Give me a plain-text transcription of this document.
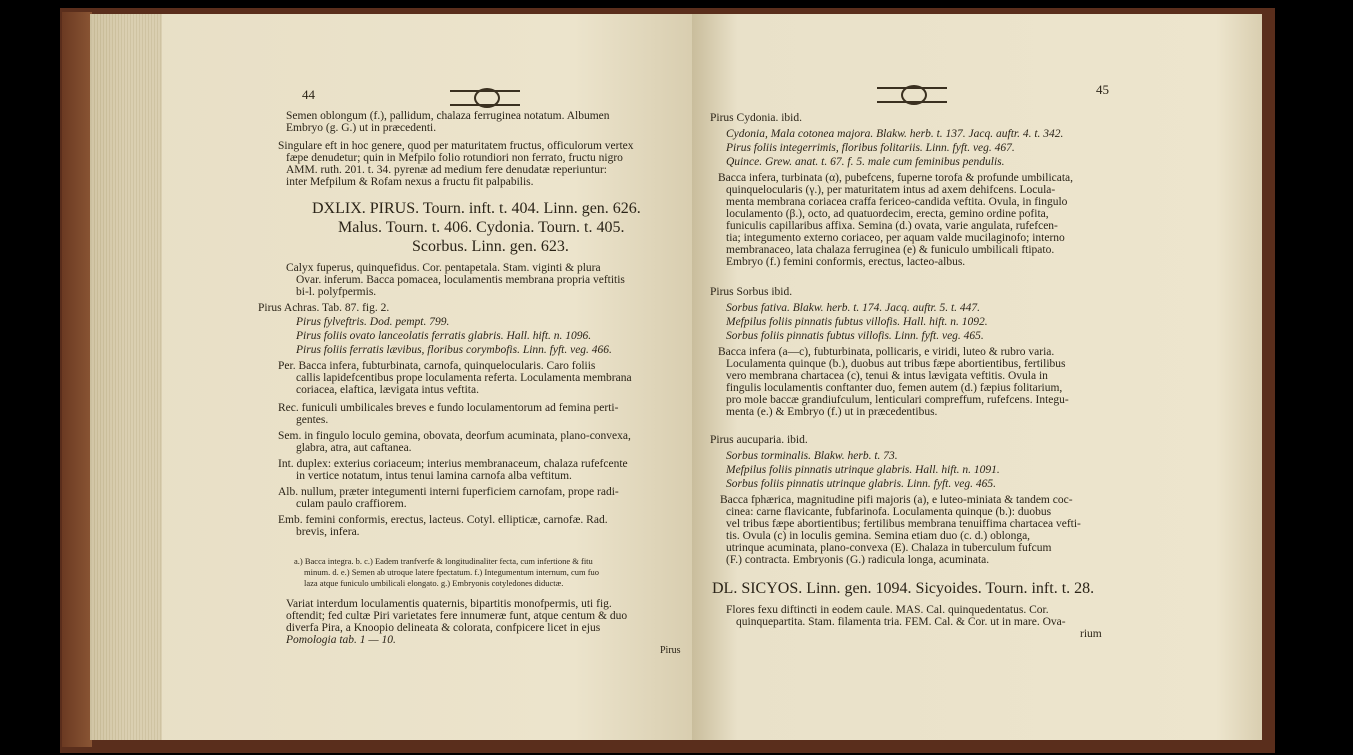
44
Semen oblongum (f.), pallidum, chalaza ferruginea notatum. Albumen
Embryo (g. G.) ut in præcedenti.
Singulare eft in hoc genere, quod per maturitatem fructus, officulorum vertex
fæpe denudetur; quin in Mefpilo folio rotundiori non ferrato, fructu nigro
AMM. ruth. 201. t. 34. pyrenæ ad medium fere denudatæ reperiuntur:
inter Mefpilum & Rofam nexus a fructu fit palpabilis.
DXLIX. PIRUS. Tourn. inft. t. 404. Linn. gen. 626.
Malus. Tourn. t. 406. Cydonia. Tourn. t. 405.
Scorbus. Linn. gen. 623.
Calyx fuperus, quinquefidus. Cor. pentapetala. Stam. viginti & plura
Ovar. inferum. Bacca pomacea, loculamentis membrana propria veftitis
bi-l. polyfpermis.
Pirus Achras. Tab. 87. fig. 2.
Pirus fylveftris. Dod. pempt. 799.
Pirus foliis ovato lanceolatis ferratis glabris. Hall. hift. n. 1096.
Pirus foliis ferratis lævibus, floribus corymbofis. Linn. fyft. veg. 466.
Per. Bacca infera, fubturbinata, carnofa, quinquelocularis. Caro foliis
callis lapidefcentibus prope loculamenta referta. Loculamenta membrana
coriacea, elaftica, lævigata intus veftita.
Rec. funiculi umbilicales breves e fundo loculamentorum ad femina perti-
gentes.
Sem. in fingulo loculo gemina, obovata, deorfum acuminata, plano-convexa,
glabra, atra, aut caftanea.
Int. duplex: exterius coriaceum; interius membranaceum, chalaza rufefcente
in vertice notatum, intus tenui lamina carnofa alba veftitum.
Alb. nullum, præter integumenti interni fuperficiem carnofam, prope radi-
culam paulo craffiorem.
Emb. femini conformis, erectus, lacteus. Cotyl. ellipticæ, carnofæ. Rad.
brevis, infera.
a.) Bacca integra. b. c.) Eadem tranfverfe & longitudinaliter fecta, cum infertione & fitu
minum. d. e.) Semen ab utroque latere fpectatum. f.) Integumentum internum, cum fuo
laza atque funiculo umbilicali elongato. g.) Embryonis cotyledones diductæ.
Variat interdum loculamentis quaternis, bipartitis monofpermis, uti fig.
oftendit; fed cultæ Piri varietates fere innumeræ funt, atque centum & duo
diverfa Pira, a Knoopio delineata & colorata, confpicere licet in ejus
Pomologia tab. 1 — 10.
Pirus
45
Pirus Cydonia. ibid.
Cydonia, Mala cotonea majora. Blakw. herb. t. 137. Jacq. auftr. 4. t. 342.
Pirus foliis integerrimis, floribus folitariis. Linn. fyft. veg. 467.
Quince. Grew. anat. t. 67. f. 5. male cum feminibus pendulis.
Bacca infera, turbinata (α), pubefcens, fuperne torofa & profunde umbilicata,
quinquelocularis (γ.), per maturitatem intus ad axem dehifcens. Locula-
menta membrana coriacea craffa fericeo-candida veftita. Ovula, in fingulo
loculamento (β.), octo, ad quatuordecim, erecta, gemino ordine pofita,
funiculis capillaribus affixa. Semina (d.) ovata, varie angulata, rufefcen-
tia; integumento externo coriaceo, per aquam valde mucilaginofo; interno
membranaceo, lata chalaza ferruginea (e) & funiculo umbilicali ftipato.
Embryo (f.) femini conformis, erectus, lacteo-albus.
Pirus Sorbus ibid.
Sorbus fativa. Blakw. herb. t. 174. Jacq. auftr. 5. t. 447.
Mefpilus foliis pinnatis fubtus villofis. Hall. hift. n. 1092.
Sorbus foliis pinnatis fubtus villofis. Linn. fyft. veg. 465.
Bacca infera (a—c), fubturbinata, pollicaris, e viridi, luteo & rubro varia.
Loculamenta quinque (b.), duobus aut tribus fæpe abortientibus, fertilibus
vero membrana chartacea (c), tenui & intus lævigata veftitis. Ovula in
fingulis loculamentis conftanter duo, femen autem (d.) fæpius folitarium,
pro mole baccæ grandiufculum, lenticulari compreffum, rufefcens. Integu-
menta (e.) & Embryo (f.) ut in præcedentibus.
Pirus aucuparia. ibid.
Sorbus torminalis. Blakw. herb. t. 73.
Mefpilus foliis pinnatis utrinque glabris. Hall. hift. n. 1091.
Sorbus foliis pinnatis utrinque glabris. Linn. fyft. veg. 465.
Bacca fphærica, magnitudine pifi majoris (a), e luteo-miniata & tandem coc-
cinea: carne flavicante, fubfarinofa. Loculamenta quinque (b.): duobus
vel tribus fæpe abortientibus; fertilibus membrana tenuiffima chartacea vefti-
tis. Ovula (c) in loculis gemina. Semina etiam duo (c. d.) oblonga,
utrinque acuminata, plano-convexa (E). Chalaza in tuberculum fufcum
(F.) contracta. Embryonis (G.) radicula longa, acuminata.
DL. SICYOS. Linn. gen. 1094. Sicyoides. Tourn. inft. t. 28.
Flores fexu diftincti in eodem caule. MAS. Cal. quinquedentatus. Cor.
quinquepartita. Stam. filamenta tria. FEM. Cal. & Cor. ut in mare. Ova-
rium
